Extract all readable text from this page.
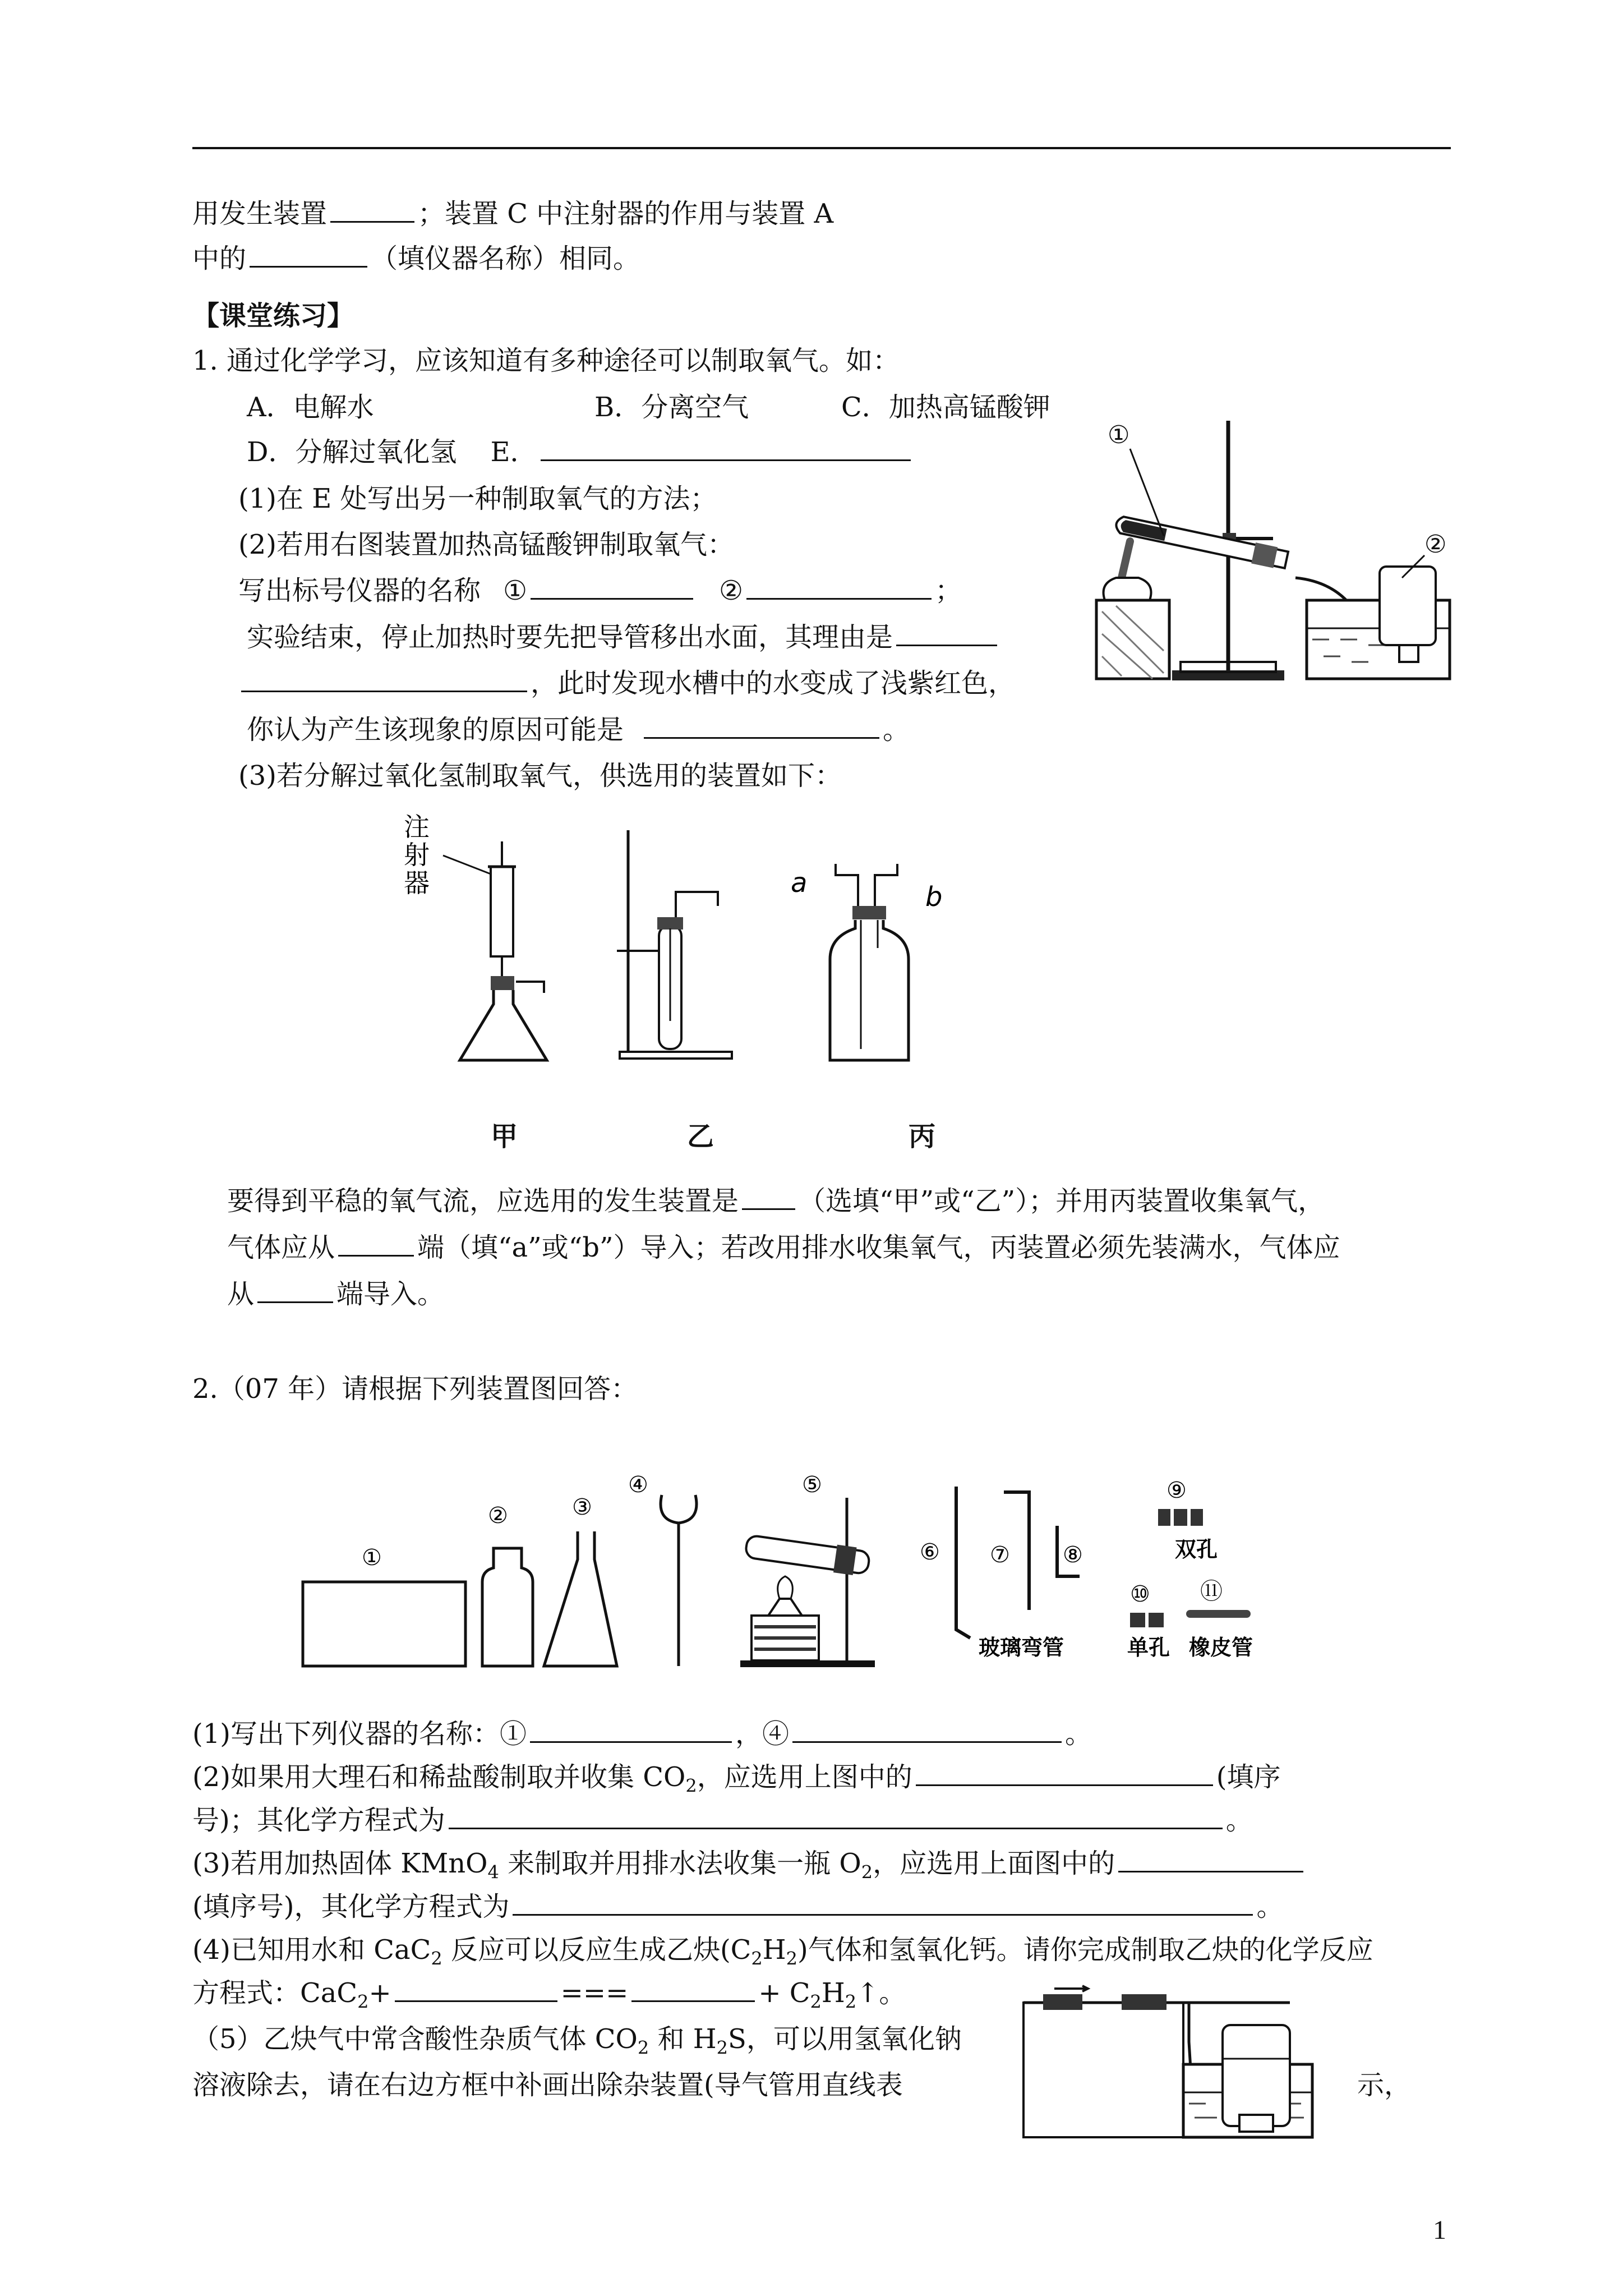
用发生装置	；装置 C 中注射器的作用与装置 A
中的	（填仪器名称）相同。
【课堂练习】
1. 通过化学学习，应该知道有多种途径可以制取氧气。如：
A．电解水	B．分离空气	C．加热高锰酸钾
D．分解过氧化氢 E．
(1)在 E 处写出另一种制取氧气的方法；
(2)若用右图装置加热高锰酸钾制取氧气：
写出标号仪器的名称 ①	②	；
实验结束，停止加热时要先把导管移出水面，其理由是
，此时发现水槽中的水变成了浅紫红色，
你认为产生该现象的原因可能是	。
(3)若分解过氧化氢制取氧气，供选用的装置如下：
①
②
注
射
器	a	b
甲	乙	丙
要得到平稳的氧气流，应选用的发生装置是 （选填“甲”或“乙”）；并用丙装置收集氧气，
气体应从	端（填“a”或“b”）导入；若改用排水收集氧气，丙装置必须先装满水，气体应
从	端导入。
2.（07 年）请根据下列装置图回答：
①
②	③
④	⑤
⑥ ⑦ ⑧
⑨
⑩ ⑪
双孔
单孔 橡皮管
玻璃弯管
(1)写出下列仪器的名称：①	，④	。
(2)如果用大理石和稀盐酸制取并收集 $CO_2$，应选用上图中的	(填序
号)；其化学方程式为	。
(3)若用加热固体 KMnO$_4$ 来制取并用排水法收集一瓶 $O_2$，应选用上面图中的
(填序号)，其化学方程式为	。
(4)已知用水和 CaC$_2$ 反应可以反应生成乙炔$(C_2H_2)$气体和氢氧化钙。请你完成制取乙炔的化学反应
方程式：CaC$_2$+	===	+ $C_2H_2↑$。
（5）乙炔气中常含酸性杂质气体 $CO_2$ 和 $H_2S$，可以用氢氧化钠
溶液除去，请在右边方框中补画出除杂装置(导气管用直线表	示，
1
